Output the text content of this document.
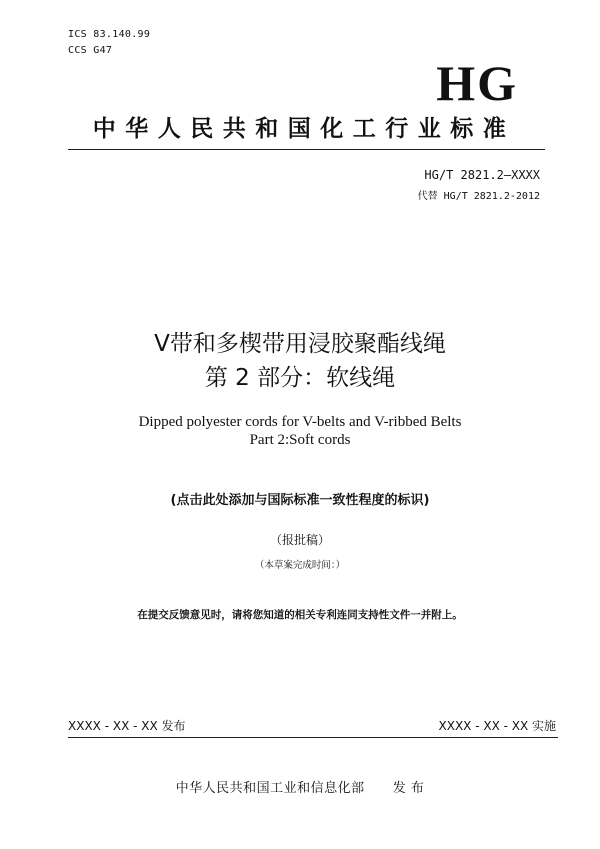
ICS 83.140.99
CCS G47
HG
中华人民共和国化工行业标准
HG/T 2821.2—XXXX
代替 HG/T 2821.2-2012
V带和多楔带用浸胶聚酯线绳
第 2 部分：软线绳
Dipped polyester cords for V-belts and V-ribbed Belts
Part 2:Soft cords
(点击此处添加与国际标准一致性程度的标识)
（报批稿）
（本草案完成时间：）
在提交反馈意见时，请将您知道的相关专利连同支持性文件一并附上。
XXXX - XX - XX 发布	XXXX - XX - XX 实施
中华人民共和国工业和信息化部 发 布
